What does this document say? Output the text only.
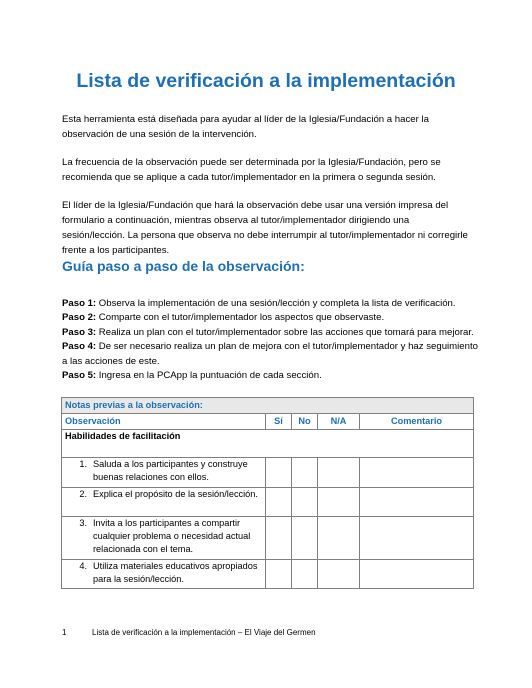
Lista de verificación a la implementación

Esta herramienta está diseñada para ayudar al líder de la Iglesia/Fundación a hacer la observación de una sesión de la intervención.

La frecuencia de la observación puede ser determinada por la Iglesia/Fundación, pero se recomienda que se aplique a cada tutor/implementador en la primera o segunda sesión.

El líder de la Iglesia/Fundación que hará la observación debe usar una versión impresa del formulario a continuación, mientras observa al tutor/implementador dirigiendo una sesión/lección. La persona que observa no debe interrumpir al tutor/implementador ni corregirle frente a los participantes.

Guía paso a paso de la observación:
Paso 1: Observa la implementación de una sesión/lección y completa la lista de verificación.
Paso 2: Comparte con el tutor/implementador los aspectos que observaste.
Paso 3: Realiza un plan con el tutor/implementador sobre las acciones que tomará para mejorar.
Paso 4: De ser necesario realiza un plan de mejora con el tutor/implementador y haz seguimiento a las acciones de este.
Paso 5: Ingresa en la PCApp la puntuación de cada sección.
Notas previas a la observación:				
Observación	Sí	No	N/A	Comentario
Habilidades de facilitación				

1. Saluda a los participantes y construye buenas relaciones con ellos.				

2. Explica el propósito de la sesión/lección.				

3. Invita a los participantes a compartir cualquier problema o necesidad actual relacionada con el tema.				

4. Utiliza materiales educativos apropiados para la sesión/lección.				

1	Lista de verificación a la implementación – El Viaje del Germen
